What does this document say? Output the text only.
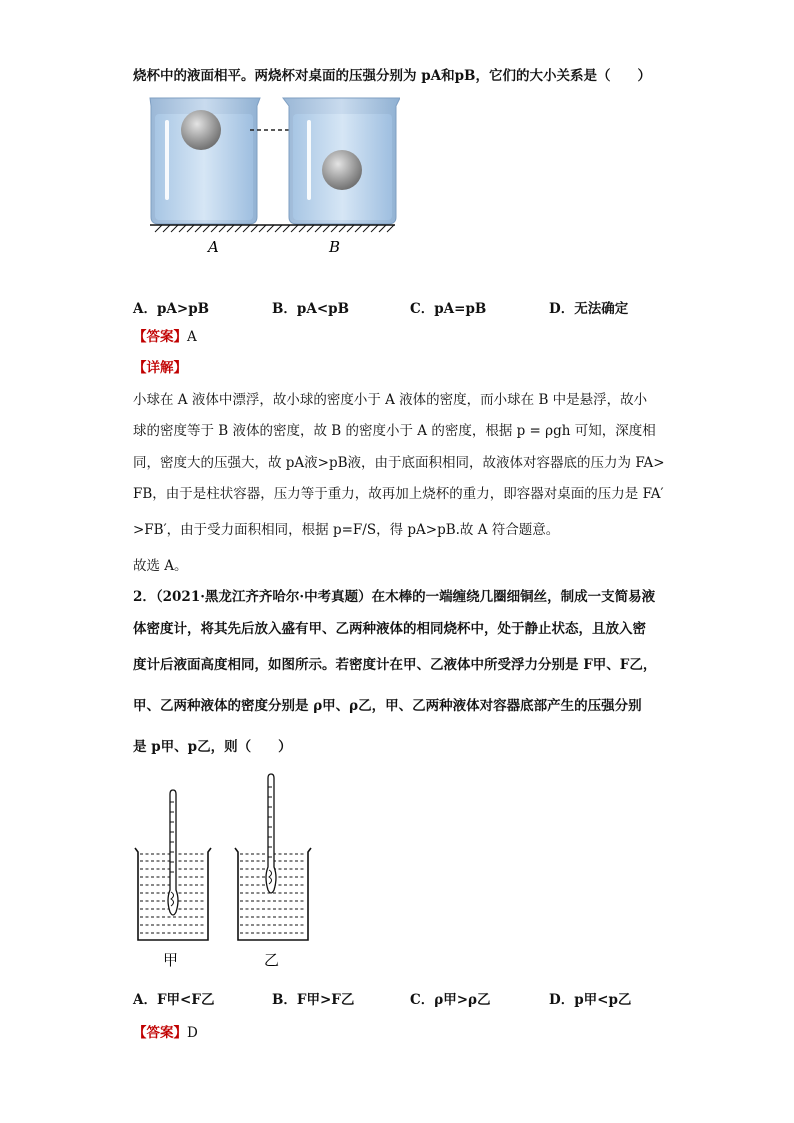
烧杯中的液面相平。两烧杯对桌面的压强分别为 pA和pB，它们的大小关系是（　　）
A	B
A．pA>pB	B．pA<pB	C．pA=pB	D．无法确定
【答案】A
【详解】
小球在 A 液体中漂浮，故小球的密度小于 A 液体的密度，而小球在 B 中是悬浮，故小
球的密度等于 B 液体的密度，故 B 的密度小于 A 的密度，根据 p = ρgh 可知，深度相
同，密度大的压强大，故 pA液>pB液，由于底面积相同，故液体对容器底的压力为 FA>
FB，由于是柱状容器，压力等于重力，故再加上烧杯的重力，即容器对桌面的压力是 FA′
>FB′，由于受力面积相同，根据 p=F/S，得 pA>pB.故 A 符合题意。
故选 A。
2．（2021·黑龙江齐齐哈尔·中考真题）在木棒的一端缠绕几圈细铜丝，制成一支简易液
体密度计，将其先后放入盛有甲、乙两种液体的相同烧杯中，处于静止状态，且放入密
度计后液面高度相同，如图所示。若密度计在甲、乙液体中所受浮力分别是 F甲、F乙，
甲、乙两种液体的密度分别是 ρ甲、ρ乙，甲、乙两种液体对容器底部产生的压强分别
是 p甲、p乙，则（　　）
甲	乙
A．F甲<F乙	B．F甲>F乙	C．ρ甲>ρ乙	D．p甲<p乙
【答案】D
